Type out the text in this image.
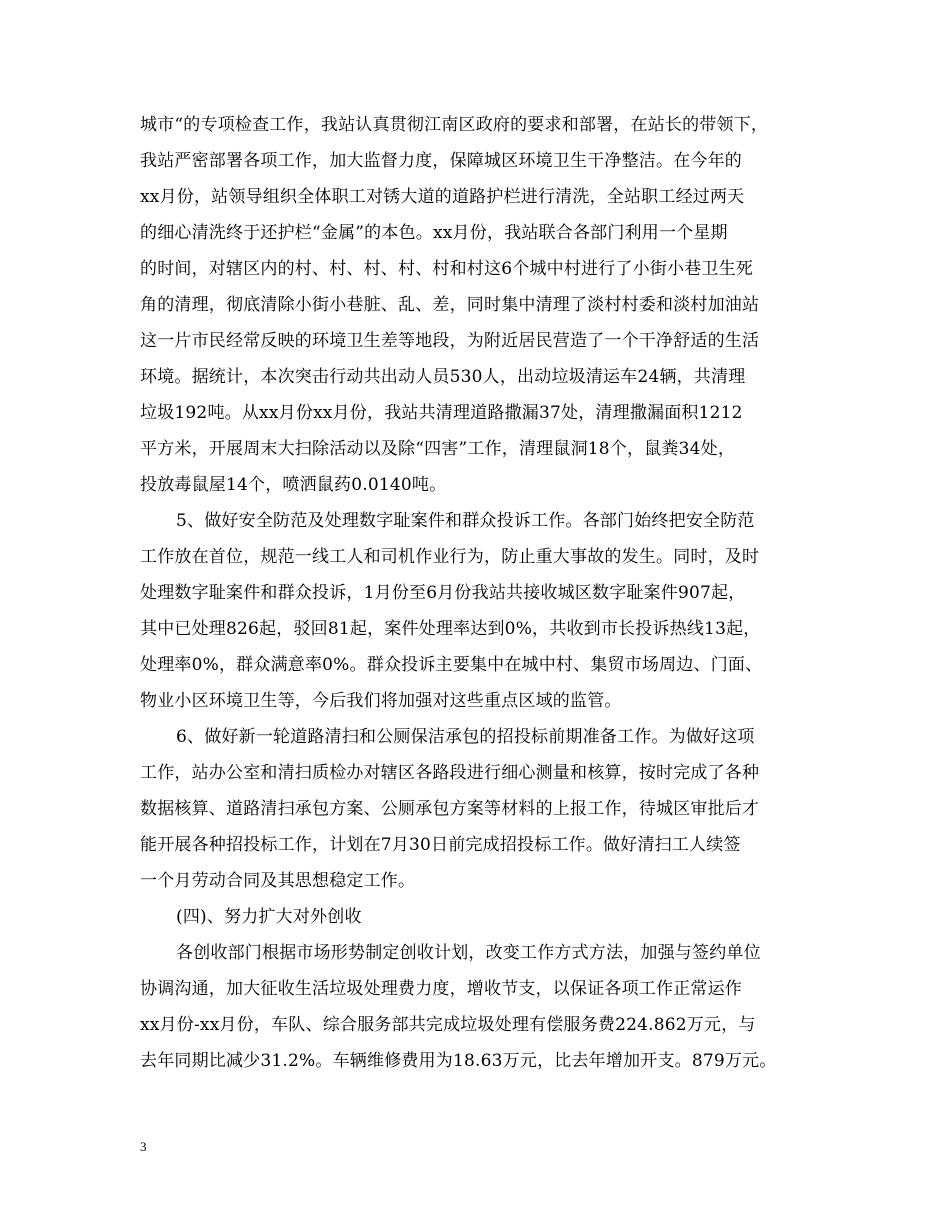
城市“的专项检查工作，我站认真贯彻江南区政府的要求和部署，在站长的带领下，
我站严密部署各项工作，加大监督力度，保障城区环境卫生干净整洁。在今年的
xx月份，站领导组织全体职工对锈大道的道路护栏进行清洗，全站职工经过两天
的细心清洗终于还护栏“金属”的本色。xx月份，我站联合各部门利用一个星期
的时间，对辖区内的村、村、村、村、村和村这6个城中村进行了小街小巷卫生死
角的清理，彻底清除小街小巷脏、乱、差，同时集中清理了淡村村委和淡村加油站
这一片市民经常反映的环境卫生差等地段，为附近居民营造了一个干净舒适的生活
环境。据统计，本次突击行动共出动人员530人，出动垃圾清运车24辆，共清理
垃圾192吨。从xx月份xx月份，我站共清理道路撒漏37处，清理撒漏面积1212
平方米，开展周末大扫除活动以及除“四害”工作，清理鼠洞18个，鼠粪34处，
投放毒鼠屋14个，喷洒鼠药0.0140吨。
5、做好安全防范及处理数字耻案件和群众投诉工作。各部门始终把安全防范
工作放在首位，规范一线工人和司机作业行为，防止重大事故的发生。同时，及时
处理数字耻案件和群众投诉，1月份至6月份我站共接收城区数字耻案件907起，
其中已处理826起，驳回81起，案件处理率达到0%，共收到市长投诉热线13起，
处理率0%，群众满意率0%。群众投诉主要集中在城中村、集贸市场周边、门面、
物业小区环境卫生等，今后我们将加强对这些重点区域的监管。
6、做好新一轮道路清扫和公厕保洁承包的招投标前期准备工作。为做好这项
工作，站办公室和清扫质检办对辖区各路段进行细心测量和核算，按时完成了各种
数据核算、道路清扫承包方案、公厕承包方案等材料的上报工作，待城区审批后才
能开展各种招投标工作，计划在7月30日前完成招投标工作。做好清扫工人续签
一个月劳动合同及其思想稳定工作。
(四)、努力扩大对外创收
各创收部门根据市场形势制定创收计划，改变工作方式方法，加强与签约单位
协调沟通，加大征收生活垃圾处理费力度，增收节支，以保证各项工作正常运作
xx月份-xx月份，车队、综合服务部共完成垃圾处理有偿服务费224.862万元，与
去年同期比减少31.2%。车辆维修费用为18.63万元，比去年增加开支。879万元。
3
